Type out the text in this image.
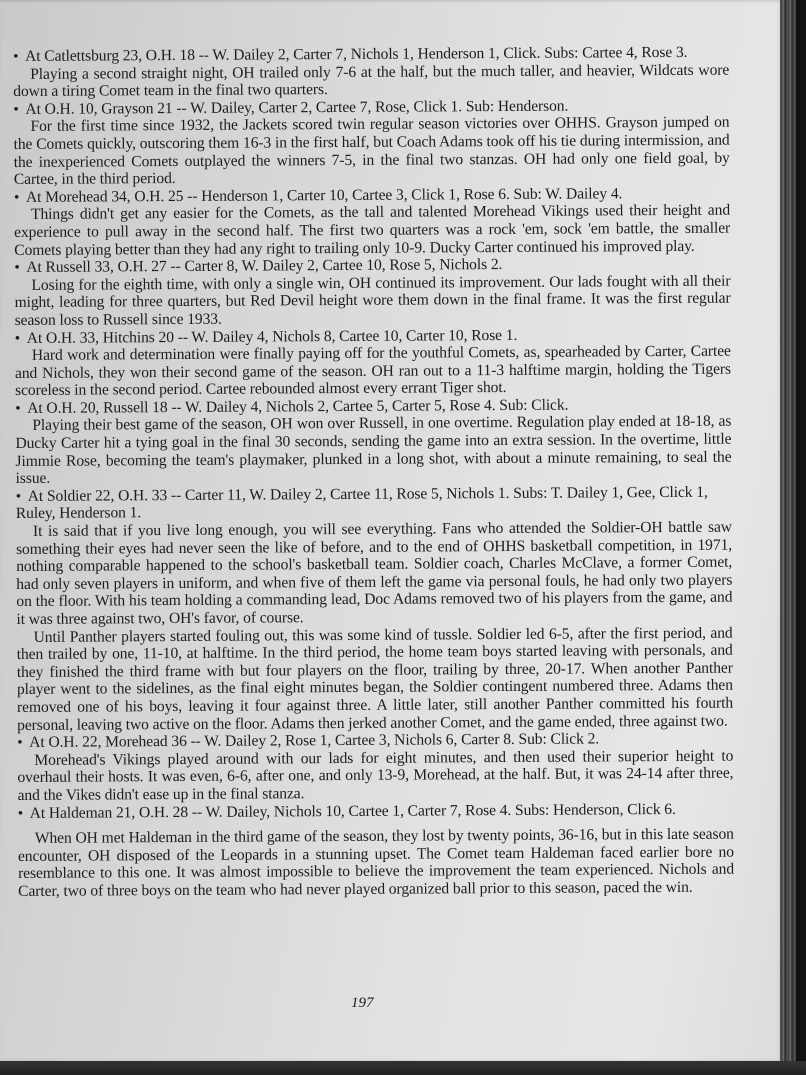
• At Catlettsburg 23, O.H. 18 -- W. Dailey 2, Carter 7, Nichols 1, Henderson 1, Click. Subs: Cartee 4, Rose 3.

Playing a second straight night, OH trailed only 7-6 at the half, but the much taller, and heavier, Wildcats wore down a tiring Comet team in the final two quarters.

• At O.H. 10, Grayson 21 -- W. Dailey, Carter 2, Cartee 7, Rose, Click 1. Sub: Henderson.

For the first time since 1932, the Jackets scored twin regular season victories over OHHS. Grayson jumped on the Comets quickly, outscoring them 16-3 in the first half, but Coach Adams took off his tie during intermission, and the inexperienced Comets outplayed the winners 7-5, in the final two stanzas. OH had only one field goal, by Cartee, in the third period.

• At Morehead 34, O.H. 25 -- Henderson 1, Carter 10, Cartee 3, Click 1, Rose 6. Sub: W. Dailey 4.

Things didn't get any easier for the Comets, as the tall and talented Morehead Vikings used their height and experience to pull away in the second half. The first two quarters was a rock 'em, sock 'em battle, the smaller Comets playing better than they had any right to trailing only 10-9. Ducky Carter continued his improved play.

• At Russell 33, O.H. 27 -- Carter 8, W. Dailey 2, Cartee 10, Rose 5, Nichols 2.

Losing for the eighth time, with only a single win, OH continued its improvement. Our lads fought with all their might, leading for three quarters, but Red Devil height wore them down in the final frame. It was the first regular season loss to Russell since 1933.

• At O.H. 33, Hitchins 20 -- W. Dailey 4, Nichols 8, Cartee 10, Carter 10, Rose 1.

Hard work and determination were finally paying off for the youthful Comets, as, spearheaded by Carter, Cartee and Nichols, they won their second game of the season. OH ran out to a 11-3 halftime margin, holding the Tigers scoreless in the second period. Cartee rebounded almost every errant Tiger shot.

• At O.H. 20, Russell 18 -- W. Dailey 4, Nichols 2, Cartee 5, Carter 5, Rose 4. Sub: Click.

Playing their best game of the season, OH won over Russell, in one overtime. Regulation play ended at 18-18, as Ducky Carter hit a tying goal in the final 30 seconds, sending the game into an extra session. In the overtime, little Jimmie Rose, becoming the team's playmaker, plunked in a long shot, with about a minute remaining, to seal the issue.

• At Soldier 22, O.H. 33 -- Carter 11, W. Dailey 2, Cartee 11, Rose 5, Nichols 1. Subs: T. Dailey 1, Gee, Click 1, Ruley, Henderson 1.

It is said that if you live long enough, you will see everything. Fans who attended the Soldier-OH battle saw something their eyes had never seen the like of before, and to the end of OHHS basketball competition, in 1971, nothing comparable happened to the school's basketball team. Soldier coach, Charles McClave, a former Comet, had only seven players in uniform, and when five of them left the game via personal fouls, he had only two players on the floor. With his team holding a commanding lead, Doc Adams removed two of his players from the game, and it was three against two, OH's favor, of course.

Until Panther players started fouling out, this was some kind of tussle. Soldier led 6-5, after the first period, and then trailed by one, 11-10, at halftime. In the third period, the home team boys started leaving with personals, and they finished the third frame with but four players on the floor, trailing by three, 20-17. When another Panther player went to the sidelines, as the final eight minutes began, the Soldier contingent numbered three. Adams then removed one of his boys, leaving it four against three. A little later, still another Panther committed his fourth personal, leaving two active on the floor. Adams then jerked another Comet, and the game ended, three against two.

• At O.H. 22, Morehead 36 -- W. Dailey 2, Rose 1, Cartee 3, Nichols 6, Carter 8. Sub: Click 2.

Morehead's Vikings played around with our lads for eight minutes, and then used their superior height to overhaul their hosts. It was even, 6-6, after one, and only 13-9, Morehead, at the half. But, it was 24-14 after three, and the Vikes didn't ease up in the final stanza.

• At Haldeman 21, O.H. 28 -- W. Dailey, Nichols 10, Cartee 1, Carter 7, Rose 4. Subs: Henderson, Click 6.

When OH met Haldeman in the third game of the season, they lost by twenty points, 36-16, but in this late season encounter, OH disposed of the Leopards in a stunning upset. The Comet team Haldeman faced earlier bore no resemblance to this one. It was almost impossible to believe the improvement the team experienced. Nichols and Carter, two of three boys on the team who had never played organized ball prior to this season, paced the win.

197
